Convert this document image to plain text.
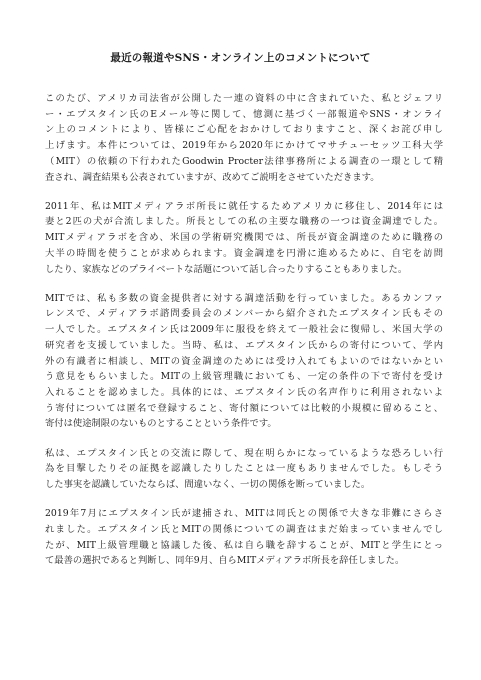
最近の報道やSNS・オンライン上のコメントについて

このたび、アメリカ司法省が公開した一連の資料の中に含まれていた、私とジェフリ
ー・エプスタイン氏のEメール等に関して、憶測に基づく一部報道やSNS・オンライ
ン上のコメントにより、皆様にご心配をおかけしておりますこと、深くお詫び申し
上げます。本件については、2019年から2020年にかけてマサチューセッツ工科大学
（MIT）の依頼の下行われたGoodwin Procter法律事務所による調査の一環として精
査され、調査結果も公表されていますが、改めてご説明をさせていただきます。

2011年、私はMITメディアラボ所長に就任するためアメリカに移住し、2014年には
妻と2匹の犬が合流しました。所長としての私の主要な職務の一つは資金調達でした。
MITメディアラボを含め、米国の学術研究機関では、所長が資金調達のために職務の
大半の時間を使うことが求められます。資金調達を円滑に進めるために、自宅を訪問
したり、家族などのプライベートな話題について話し合ったりすることもありました。

MITでは、私も多数の資金提供者に対する調達活動を行っていました。あるカンファ
レンスで、メディアラボ諮問委員会のメンバーから紹介されたエプスタイン氏もその
一人でした。エプスタイン氏は2009年に服役を終えて一般社会に復帰し、米国大学の
研究者を支援していました。当時、私は、エプスタイン氏からの寄付について、学内
外の有識者に相談し、MITの資金調達のためには受け入れてもよいのではないかとい
う意見をもらいました。MITの上級管理職においても、一定の条件の下で寄付を受け
入れることを認めました。具体的には、エプスタイン氏の名声作りに利用されないよ
う寄付については匿名で登録すること、寄付額については比較的小規模に留めること、
寄付は使途制限のないものとすることという条件です。

私は、エプスタイン氏との交流に際して、現在明らかになっているような恐ろしい行
為を目撃したりその証拠を認識したりしたことは一度もありませんでした。もしそう
した事実を認識していたならば、間違いなく、一切の関係を断っていました。

2019年7月にエプスタイン氏が逮捕され、MITは同氏との関係で大きな非難にさらさ
れました。エプスタイン氏とMITの関係についての調査はまだ始まっていませんでし
たが、MIT上級管理職と協議した後、私は自ら職を辞することが、MITと学生にとっ
て最善の選択であると判断し、同年9月、自らMITメディアラボ所長を辞任しました。
